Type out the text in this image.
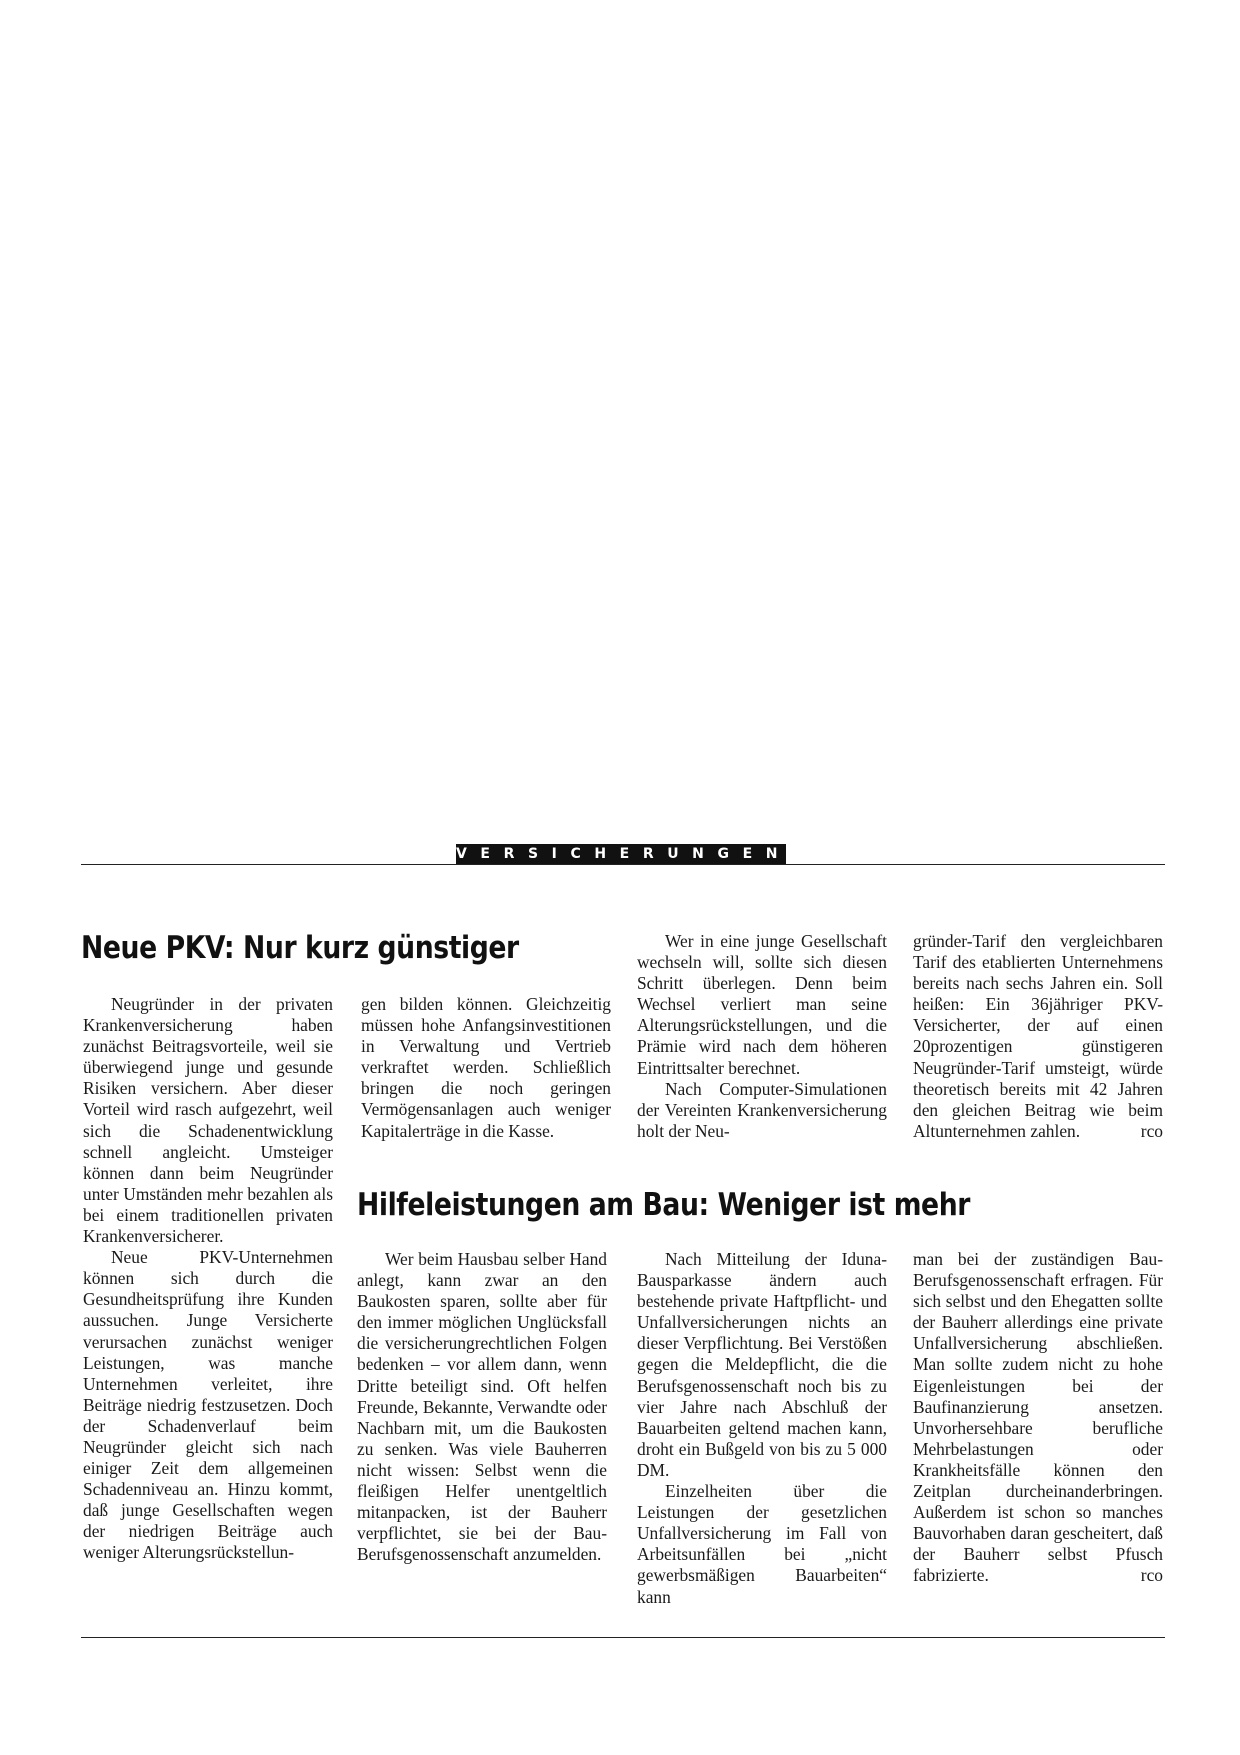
VERSICHERUNGEN
Neue PKV: Nur kurz günstiger

Neugründer in der privaten Krankenversicherung haben zunächst Beitragsvorteile, weil sie überwiegend junge und gesunde Risiken versichern. Aber dieser Vorteil wird rasch aufgezehrt, weil sich die Schadenentwicklung schnell angleicht. Umsteiger können dann beim Neugründer unter Umständen mehr bezahlen als bei einem traditionellen privaten Krankenversicherer.

Neue PKV-Unternehmen können sich durch die Gesundheitsprüfung ihre Kunden aussuchen. Junge Versicherte verursachen zunächst weniger Leistungen, was manche Unternehmen verleitet, ihre Beiträge niedrig festzusetzen. Doch der Schadenverlauf beim Neugründer gleicht sich nach einiger Zeit dem allgemeinen Schadenniveau an. Hinzu kommt, daß junge Gesellschaften wegen der niedrigen Beiträge auch weniger Alterungsrückstellun-

gen bilden können. Gleichzeitig müssen hohe Anfangsinvestitionen in Verwaltung und Vertrieb verkraftet werden. Schließlich bringen die noch geringen Vermögensanlagen auch weniger Kapitalerträge in die Kasse.

Wer in eine junge Gesellschaft wechseln will, sollte sich diesen Schritt überlegen. Denn beim Wechsel verliert man seine Alterungsrückstellungen, und die Prämie wird nach dem höheren Eintrittsalter berechnet.

Nach Computer-Simulationen der Vereinten Krankenversicherung holt der Neu-

gründer-Tarif den vergleichbaren Tarif des etablierten Unternehmens bereits nach sechs Jahren ein. Soll heißen: Ein 36jähriger PKV-Versicherter, der auf einen 20prozentigen günstigeren Neugründer-Tarif umsteigt, würde theoretisch bereits mit 42 Jahren den gleichen Beitrag wie beim Altunternehmen zahlen.	rco

Hilfeleistungen am Bau: Weniger ist mehr

Wer beim Hausbau selber Hand anlegt, kann zwar an den Baukosten sparen, sollte aber für den immer möglichen Unglücksfall die versicherungrechtlichen Folgen bedenken – vor allem dann, wenn Dritte beteiligt sind. Oft helfen Freunde, Bekannte, Verwandte oder Nachbarn mit, um die Baukosten zu senken. Was viele Bauherren nicht wissen: Selbst wenn die fleißigen Helfer unentgeltlich mitanpacken, ist der Bauherr verpflichtet, sie bei der Bau-Berufsgenossenschaft anzumelden.

Nach Mitteilung der Iduna-Bausparkasse ändern auch bestehende private Haftpflicht- und Unfallversicherungen nichts an dieser Verpflichtung. Bei Verstößen gegen die Meldepflicht, die die Berufsgenossenschaft noch bis zu vier Jahre nach Abschluß der Bauarbeiten geltend machen kann, droht ein Bußgeld von bis zu 5 000 DM.

Einzelheiten über die Leistungen der gesetzlichen Unfallversicherung im Fall von Arbeitsunfällen bei „nicht gewerbsmäßigen Bauarbeiten“ kann

man bei der zuständigen Bau-Berufsgenossenschaft erfragen. Für sich selbst und den Ehegatten sollte der Bauherr allerdings eine private Unfallversicherung abschließen. Man sollte zudem nicht zu hohe Eigenleistungen bei der Baufinanzierung ansetzen. Unvorhersehbare berufliche Mehrbelastungen oder Krankheitsfälle können den Zeitplan durcheinanderbringen. Außerdem ist schon so manches Bauvorhaben daran gescheitert, daß der Bauherr selbst Pfusch fabrizierte.	rco
